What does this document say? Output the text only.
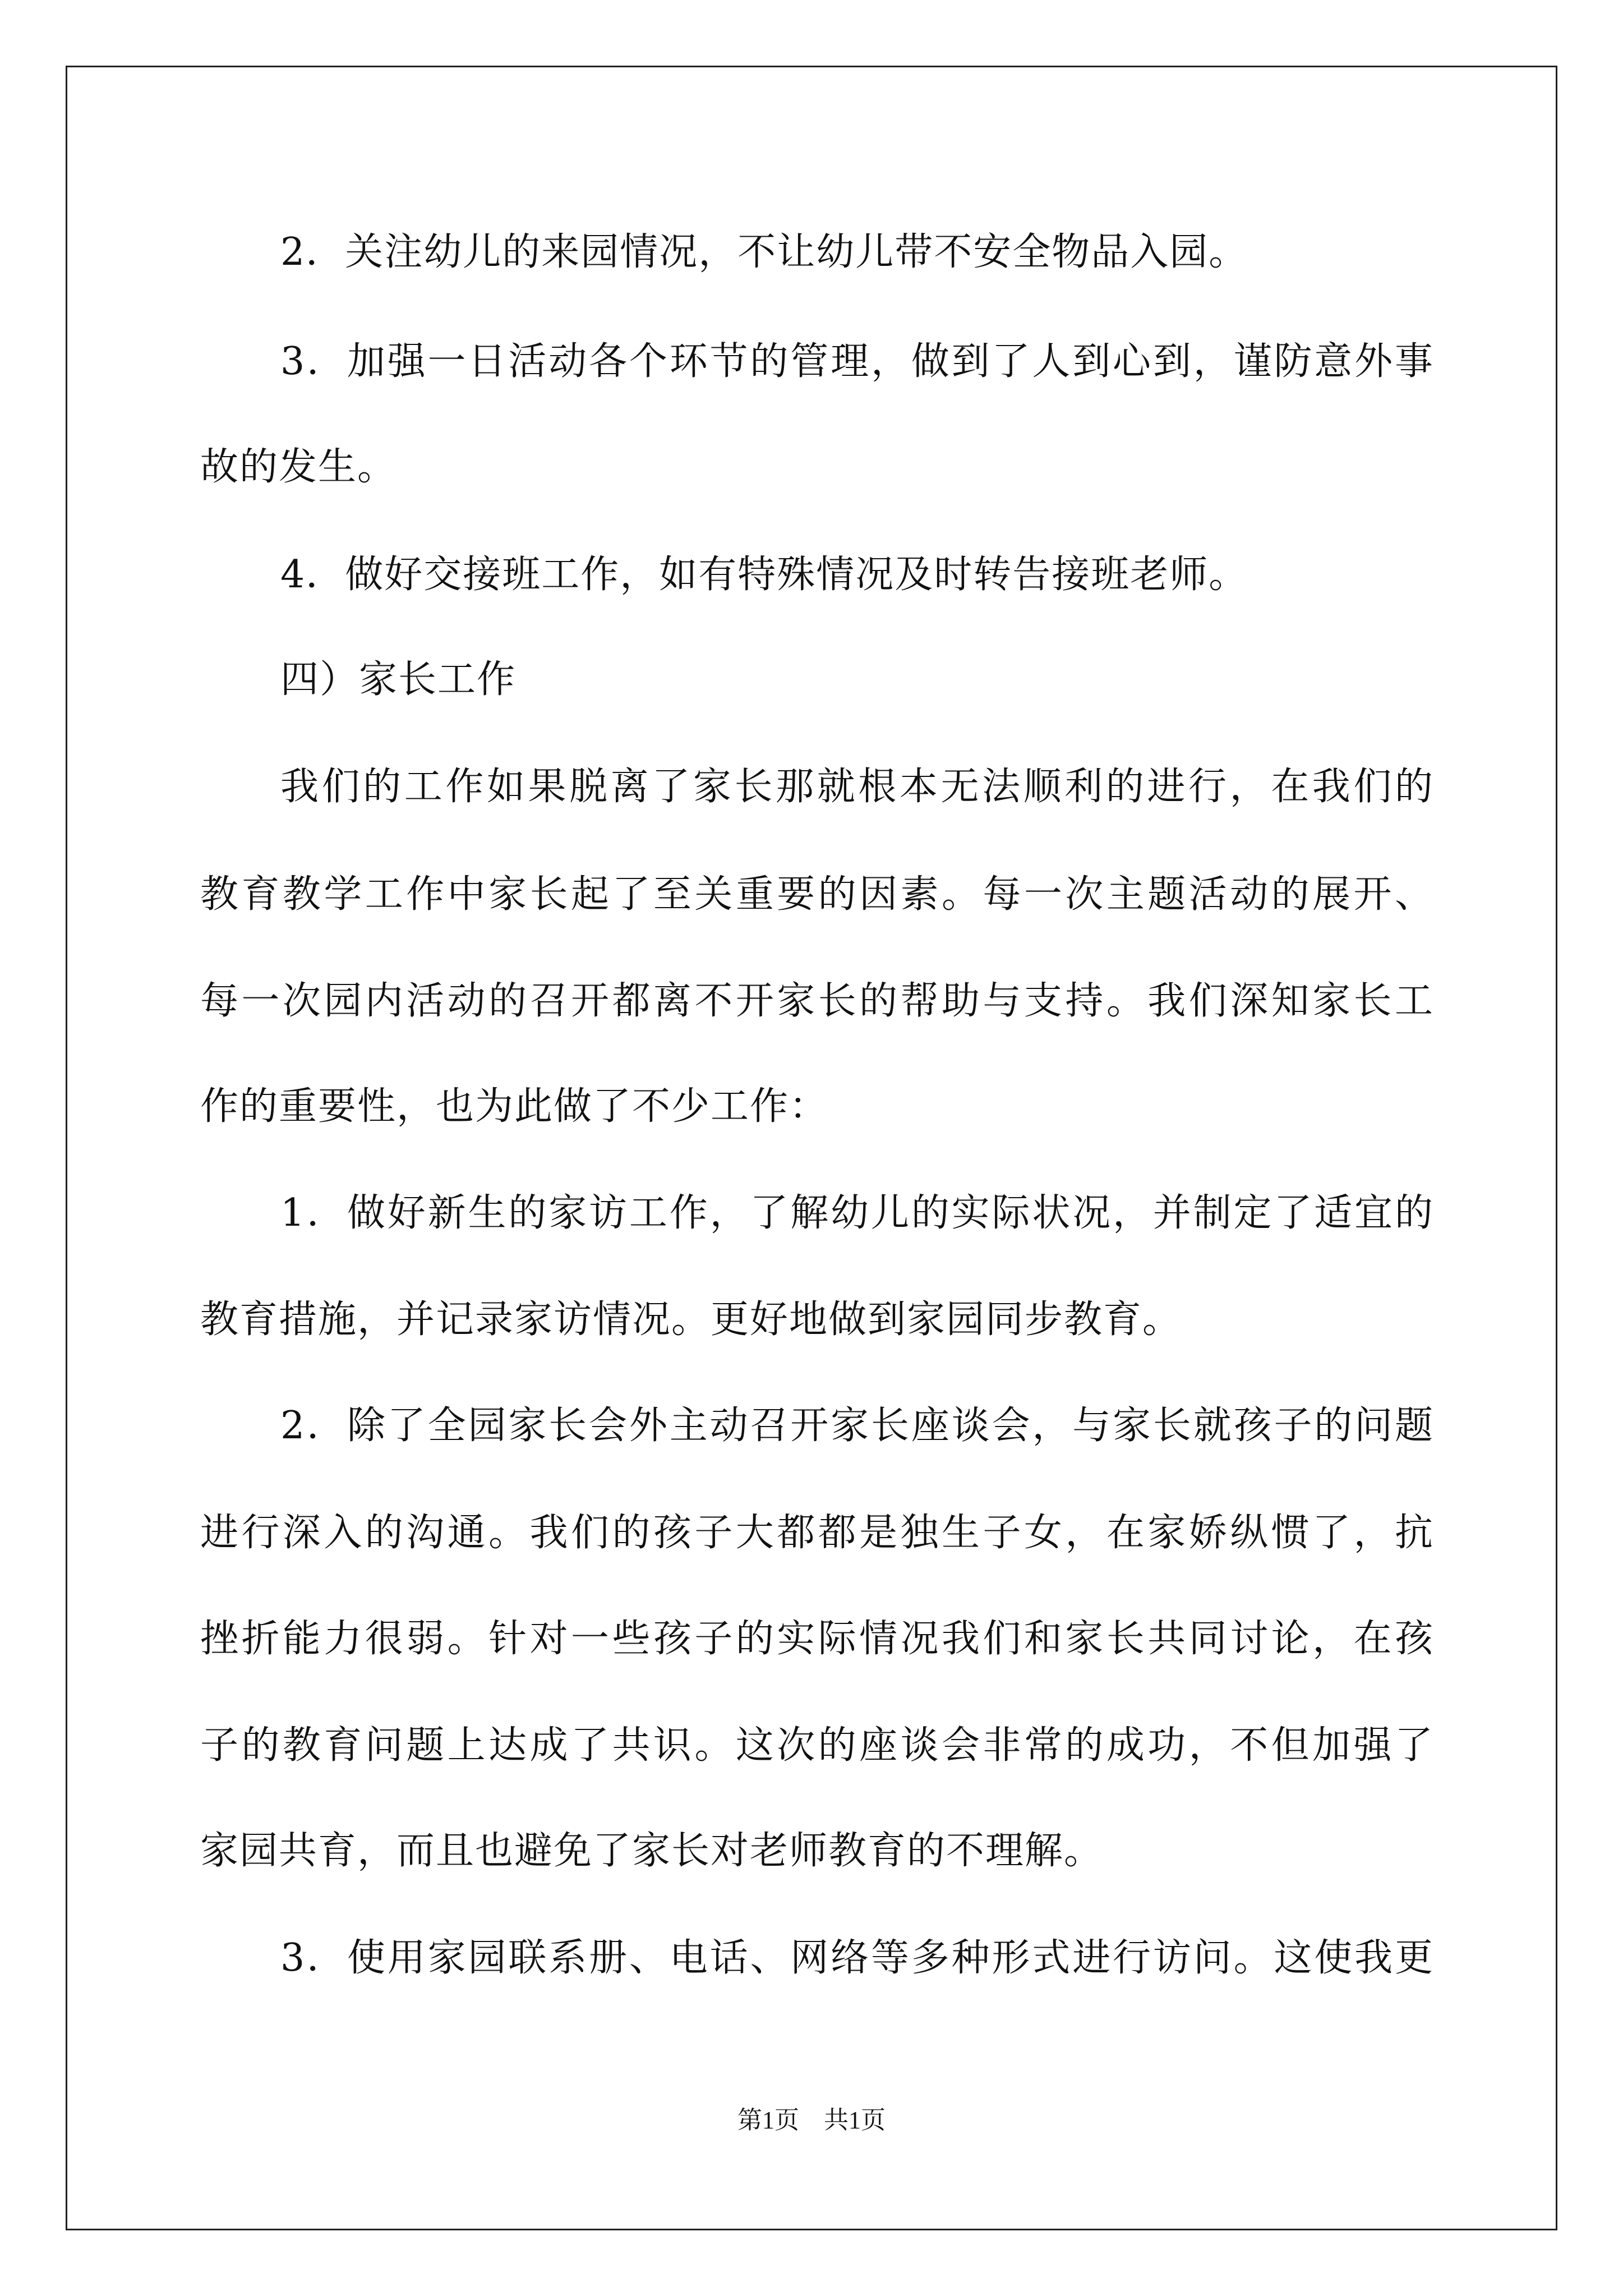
2．关注幼儿的来园情况，不让幼儿带不安全物品入园。
3．加强一日活动各个环节的管理，做到了人到心到，谨防意外事
故的发生。
4．做好交接班工作，如有特殊情况及时转告接班老师。
四）家长工作
我们的工作如果脱离了家长那就根本无法顺利的进行，在我们的
教育教学工作中家长起了至关重要的因素。每一次主题活动的展开、
每一次园内活动的召开都离不开家长的帮助与支持。我们深知家长工
作的重要性，也为此做了不少工作：
1．做好新生的家访工作，了解幼儿的实际状况，并制定了适宜的
教育措施，并记录家访情况。更好地做到家园同步教育。
2．除了全园家长会外主动召开家长座谈会，与家长就孩子的问题
进行深入的沟通。我们的孩子大都都是独生子女，在家娇纵惯了，抗
挫折能力很弱。针对一些孩子的实际情况我们和家长共同讨论，在孩
子的教育问题上达成了共识。这次的座谈会非常的成功，不但加强了
家园共育，而且也避免了家长对老师教育的不理解。
3．使用家园联系册、电话、网络等多种形式进行访问。这使我更
第1页　共1页
